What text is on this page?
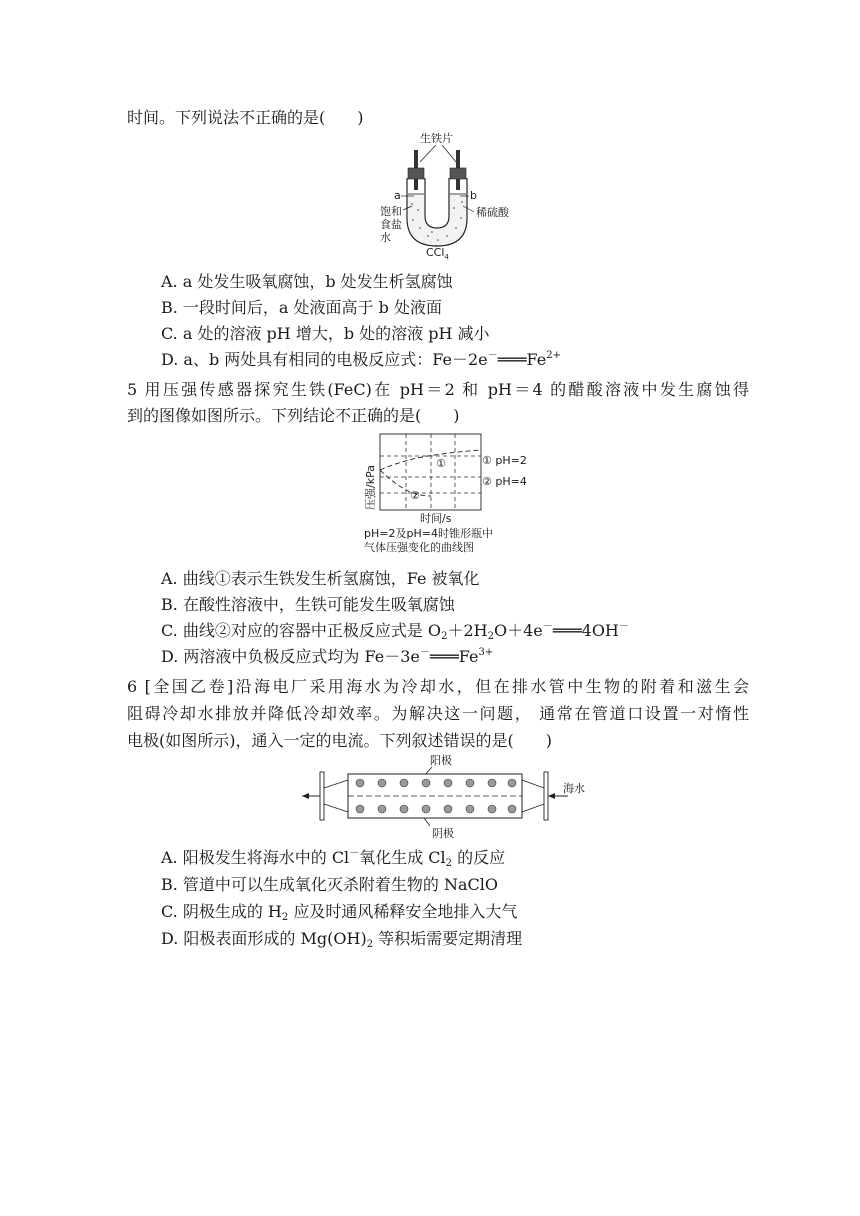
时间。下列说法不正确的是(　　)
生铁片
a	b
饱和
食盐
水
稀硫酸
CCl$_4$
A. a 处发生吸氧腐蚀，b 处发生析氢腐蚀
B. 一段时间后，a 处液面高于 b 处液面
C. a 处的溶液 pH 增大，b 处的溶液 pH 减小
D. a、b 两处具有相同的电极反应式：$Fe-2e^-═══Fe^{2+}$
5 用压强传感器探究生铁(FeC)在 pH＝2 和 pH＝4 的醋酸溶液中发生腐蚀得
到的图像如图所示。下列结论不正确的是(　　)
压强/kPa
①
②
① pH=2
② pH=4
时间/s
pH=2及pH=4时锥形瓶中
气体压强变化的曲线图
A. 曲线①表示生铁发生析氢腐蚀，Fe 被氧化
B. 在酸性溶液中，生铁可能发生吸氧腐蚀
C. 曲线②对应的容器中正极反应式是 $O_2+2H_2O+4e^-═══4OH^-$
D. 两溶液中负极反应式均为 $Fe-3e^-═══Fe^{3+}$
6 [全国乙卷]沿海电厂采用海水为冷却水，但在排水管中生物的附着和滋生会
阻碍冷却水排放并降低冷却效率。为解决这一问题， 通常在管道口设置一对惰性
电极(如图所示)，通入一定的电流。下列叙述错误的是(　　)
阳极
阴极
海水
A. 阳极发生将海水中的 Cl－氧化生成 $Cl_2$ 的反应
B. 管道中可以生成氧化灭杀附着生物的 NaClO
C. 阴极生成的 $H_2$ 应及时通风稀释安全地排入大气
D. 阳极表面形成的 $Mg(OH)_2$ 等积垢需要定期清理
